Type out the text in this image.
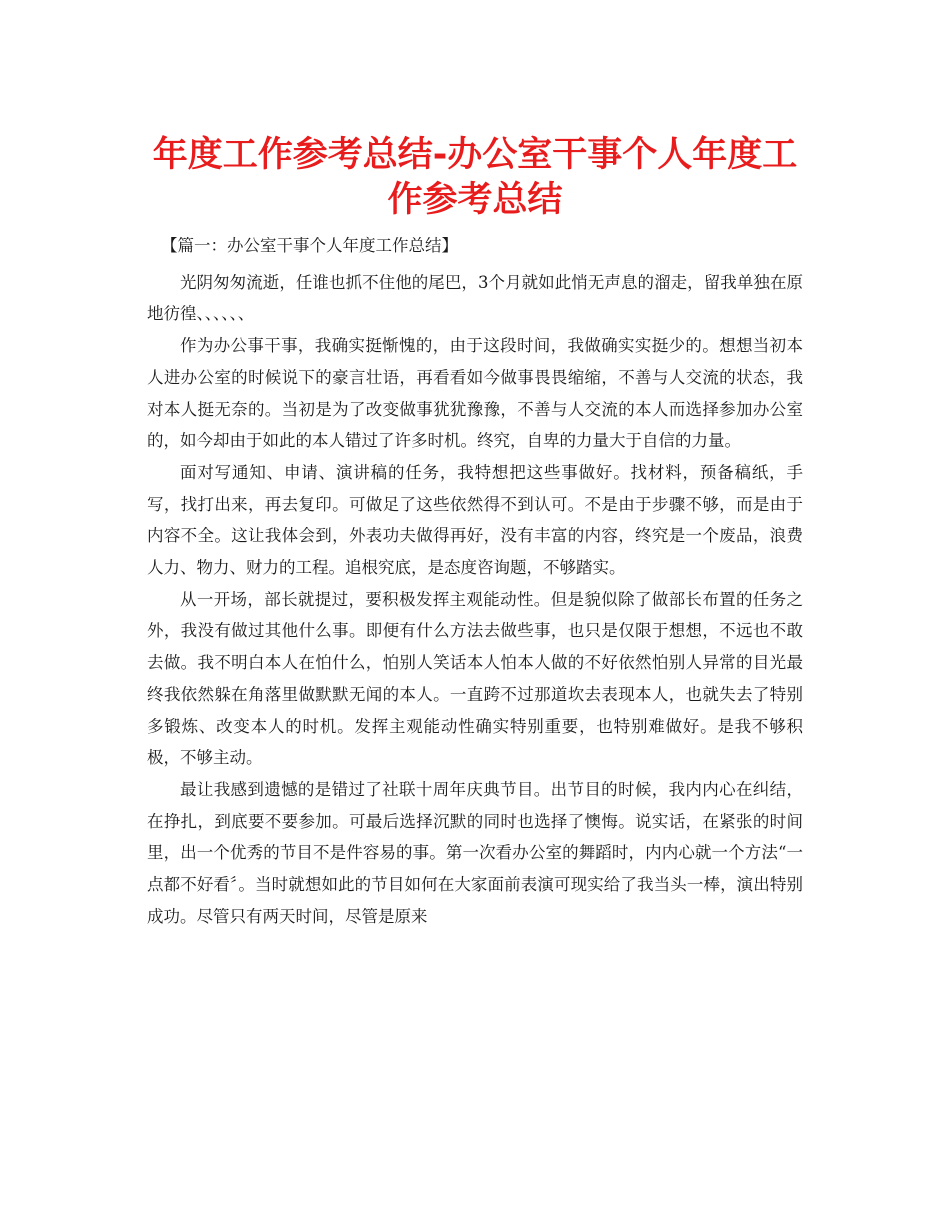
年度工作参考总结-办公室干事个人年度工作参考总结

【篇一：办公室干事个人年度工作总结】

光阴匆匆流逝，任谁也抓不住他的尾巴，3个月就如此悄无声息的溜走，留我单独在原地彷徨、、、、、、

作为办公事干事，我确实挺惭愧的，由于这段时间，我做确实实挺少的。想想当初本人进办公室的时候说下的豪言壮语，再看看如今做事畏畏缩缩，不善与人交流的状态，我对本人挺无奈的。当初是为了改变做事犹犹豫豫，不善与人交流的本人而选择参加办公室的，如今却由于如此的本人错过了许多时机。终究，自卑的力量大于自信的力量。

面对写通知、申请、演讲稿的任务，我特想把这些事做好。找材料，预备稿纸，手写，找打出来，再去复印。可做足了这些依然得不到认可。不是由于步骤不够，而是由于内容不全。这让我体会到，外表功夫做得再好，没有丰富的内容，终究是一个废品，浪费人力、物力、财力的工程。追根究底，是态度咨询题，不够踏实。

从一开场，部长就提过，要积极发挥主观能动性。但是貌似除了做部长布置的任务之外，我没有做过其他什么事。即便有什么方法去做些事，也只是仅限于想想，不远也不敢去做。我不明白本人在怕什么，怕别人笑话本人怕本人做的不好依然怕别人异常的目光最终我依然躲在角落里做默默无闻的本人。一直跨不过那道坎去表现本人，也就失去了特别多锻炼、改变本人的时机。发挥主观能动性确实特别重要，也特别难做好。是我不够积极，不够主动。

最让我感到遗憾的是错过了社联十周年庆典节目。出节目的时候，我内内心在纠结，在挣扎，到底要不要参加。可最后选择沉默的同时也选择了懊悔。说实话，在紧张的时间里，出一个优秀的节目不是件容易的事。第一次看办公室的舞蹈时，内内心就一个方法“一点都不好看〞。当时就想如此的节目如何在大家面前表演可现实给了我当头一棒，演出特别成功。尽管只有两天时间，尽管是原来
